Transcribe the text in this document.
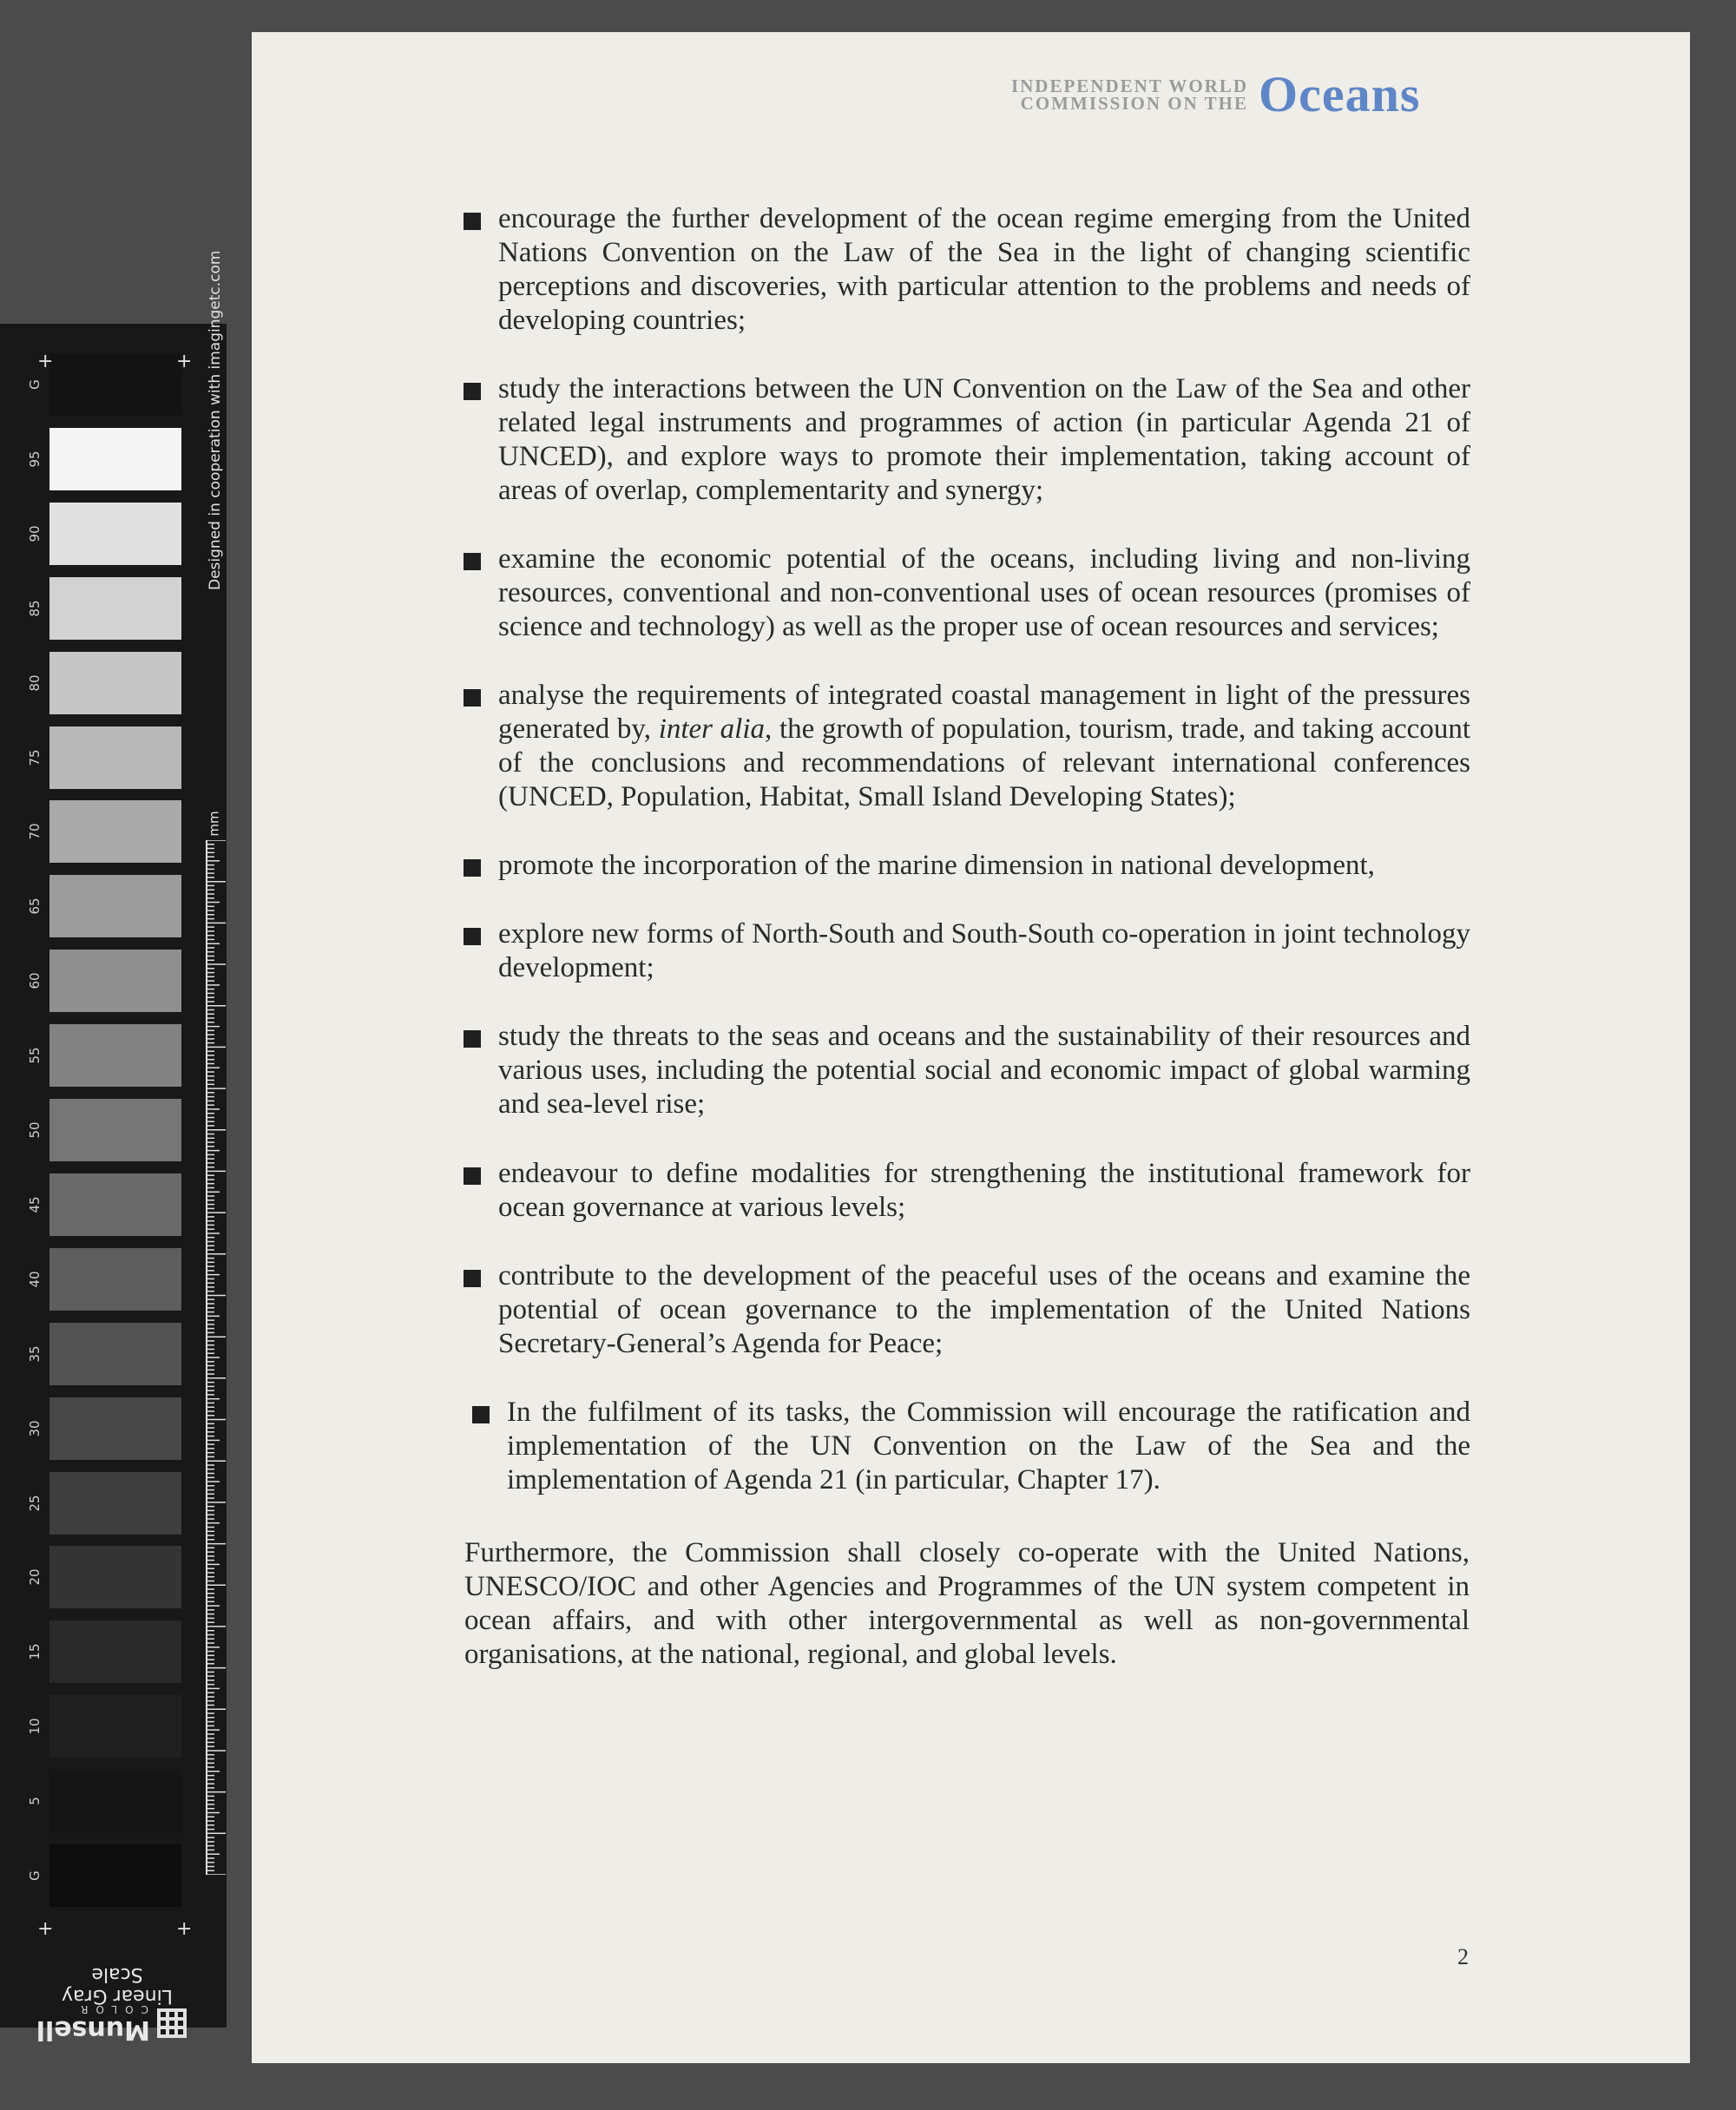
G
95
90
85
80
75
70
65
60
55
50
45
40
35
30
25
20
15
10
5
G
+	+
+	+
Designed in cooperation with imagingetc.com
mm
Linear Gray Scale
Munsell
COLOR
INDEPENDENT WORLD
COMMISSION ON THE Oceans
encourage the further development of the ocean regime emerging from the United Nations Convention on the Law of the Sea in the light of changing scientific perceptions and discoveries, with particular attention to the problems and needs of developing countries;
study the interactions between the UN Convention on the Law of the Sea and other related legal instruments and programmes of action (in particular Agenda 21 of UNCED), and explore ways to promote their implementation, taking account of areas of overlap, complementarity and synergy;
examine the economic potential of the oceans, including living and non-living resources, conventional and non-conventional uses of ocean resources (promises of science and technology) as well as the proper use of ocean resources and services;
analyse the requirements of integrated coastal management in light of the pressures generated by, inter alia, the growth of population, tourism, trade, and taking account of the conclusions and recommendations of relevant international conferences (UNCED, Population, Habitat, Small Island Developing States);
promote the incorporation of the marine dimension in national development,
explore new forms of North-South and South-South co-operation in joint technology development;
study the threats to the seas and oceans and the sustainability of their resources and various uses, including the potential social and economic impact of global warming and sea-level rise;
endeavour to define modalities for strengthening the institutional framework for ocean governance at various levels;
contribute to the development of the peaceful uses of the oceans and examine the potential of ocean governance to the implementation of the United Nations Secretary-General’s Agenda for Peace;
In the fulfilment of its tasks, the Commission will encourage the ratification and implementation of the UN Convention on the Law of the Sea and the implementation of Agenda 21 (in particular, Chapter 17).
Furthermore, the Commission shall closely co-operate with the United Nations, UNESCO/IOC and other Agencies and Programmes of the UN system competent in ocean affairs, and with other intergovernmental as well as non-governmental organisations, at the national, regional, and global levels.
2
